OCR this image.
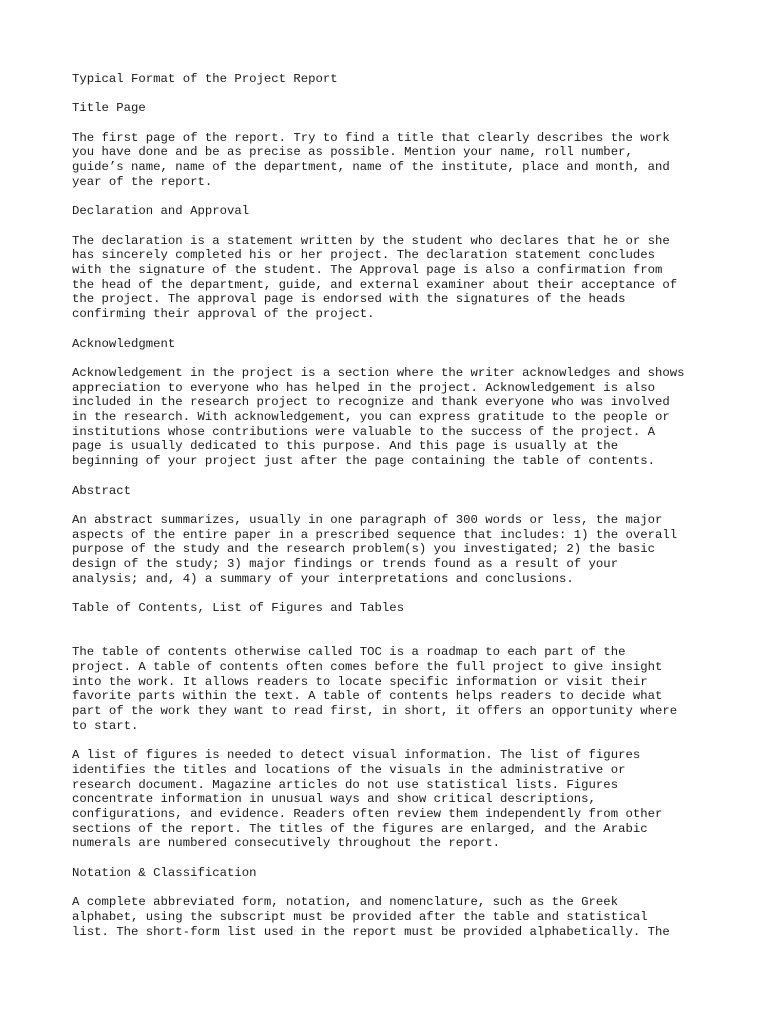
Typical Format of the Project Report

Title Page

The first page of the report. Try to find a title that clearly describes the work
you have done and be as precise as possible. Mention your name, roll number,
guide’s name, name of the department, name of the institute, place and month, and
year of the report.

Declaration and Approval

The declaration is a statement written by the student who declares that he or she
has sincerely completed his or her project. The declaration statement concludes
with the signature of the student. The Approval page is also a confirmation from
the head of the department, guide, and external examiner about their acceptance of
the project. The approval page is endorsed with the signatures of the heads
confirming their approval of the project.

Acknowledgment

Acknowledgement in the project is a section where the writer acknowledges and shows
appreciation to everyone who has helped in the project. Acknowledgement is also
included in the research project to recognize and thank everyone who was involved
in the research. With acknowledgement, you can express gratitude to the people or
institutions whose contributions were valuable to the success of the project. A
page is usually dedicated to this purpose. And this page is usually at the
beginning of your project just after the page containing the table of contents.

Abstract

An abstract summarizes, usually in one paragraph of 300 words or less, the major
aspects of the entire paper in a prescribed sequence that includes: 1) the overall
purpose of the study and the research problem(s) you investigated; 2) the basic
design of the study; 3) major findings or trends found as a result of your
analysis; and, 4) a summary of your interpretations and conclusions.

Table of Contents, List of Figures and Tables

The table of contents otherwise called TOC is a roadmap to each part of the
project. A table of contents often comes before the full project to give insight
into the work. It allows readers to locate specific information or visit their
favorite parts within the text. A table of contents helps readers to decide what
part of the work they want to read first, in short, it offers an opportunity where
to start.

A list of figures is needed to detect visual information. The list of figures
identifies the titles and locations of the visuals in the administrative or
research document. Magazine articles do not use statistical lists. Figures
concentrate information in unusual ways and show critical descriptions,
configurations, and evidence. Readers often review them independently from other
sections of the report. The titles of the figures are enlarged, and the Arabic
numerals are numbered consecutively throughout the report.

Notation & Classification

A complete abbreviated form, notation, and nomenclature, such as the Greek
alphabet, using the subscript must be provided after the table and statistical
list. The short-form list used in the report must be provided alphabetically. The
